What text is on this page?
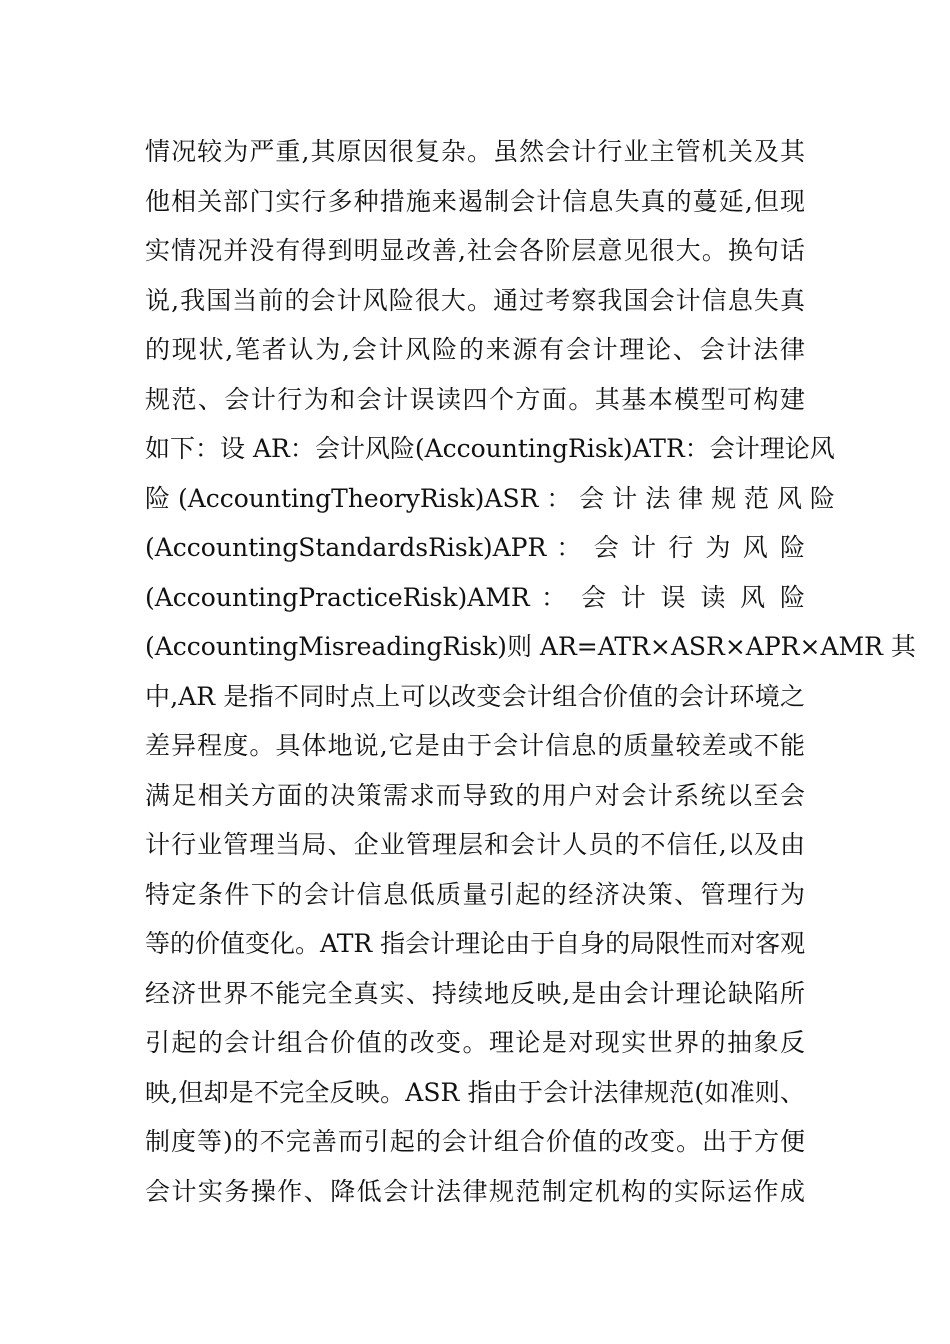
情况较为严重,其原因很复杂。虽然会计行业主管机关及其
他相关部门实行多种措施来遏制会计信息失真的蔓延,但现
实情况并没有得到明显改善,社会各阶层意见很大。换句话
说,我国当前的会计风险很大。通过考察我国会计信息失真
的现状,笔者认为,会计风险的来源有会计理论、会计法律
规范、会计行为和会计误读四个方面。其基本模型可构建
如下：设 AR：会计风险(AccountingRisk)ATR：会计理论风
险 (AccountingTheoryRisk)ASR ： 会 计 法 律 规 范 风 险
(AccountingStandardsRisk)APR ： 会 计 行 为 风 险
(AccountingPracticeRisk)AMR ： 会 计 误 读 风 险
(AccountingMisreadingRisk)则 AR=ATR×ASR×APR×AMR 其
中,AR 是指不同时点上可以改变会计组合价值的会计环境之
差异程度。具体地说,它是由于会计信息的质量较差或不能
满足相关方面的决策需求而导致的用户对会计系统以至会
计行业管理当局、企业管理层和会计人员的不信任,以及由
特定条件下的会计信息低质量引起的经济决策、管理行为
等的价值变化。ATR 指会计理论由于自身的局限性而对客观
经济世界不能完全真实、持续地反映,是由会计理论缺陷所
引起的会计组合价值的改变。理论是对现实世界的抽象反
映,但却是不完全反映。ASR 指由于会计法律规范(如准则、
制度等)的不完善而引起的会计组合价值的改变。出于方便
会计实务操作、降低会计法律规范制定机构的实际运作成
